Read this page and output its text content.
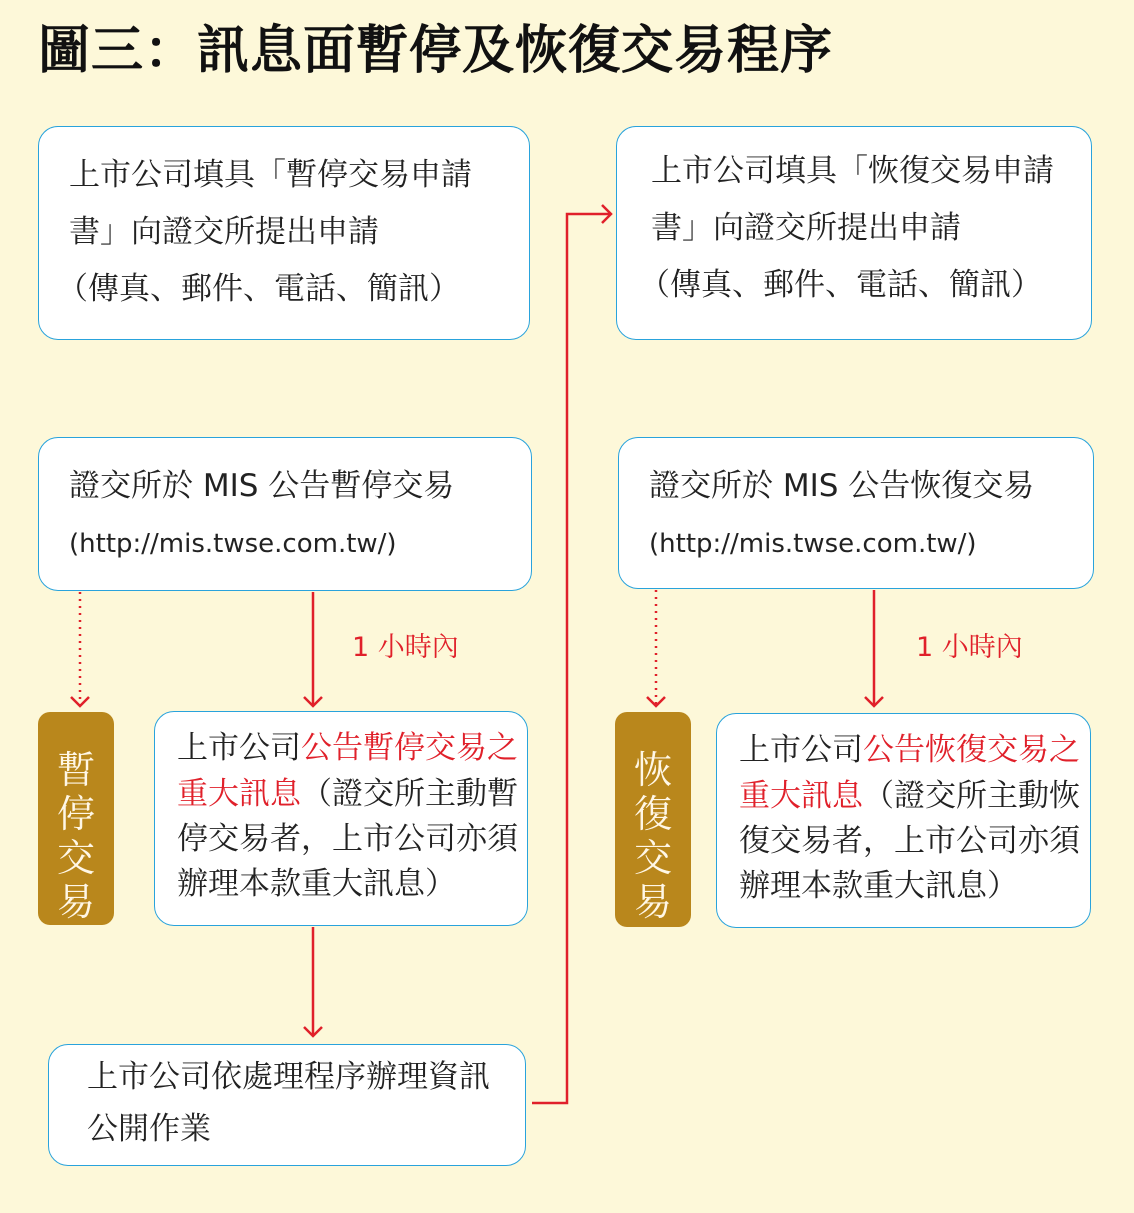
圖三：訊息面暫停及恢復交易程序
上市公司填具「暫停交易申請
書」向證交所提出申請
（傳真、郵件、電話、簡訊）
上市公司填具「恢復交易申請
書」向證交所提出申請
（傳真、郵件、電話、簡訊）
證交所於 MIS 公告暫停交易
(http://mis.twse.com.tw/)
證交所於 MIS 公告恢復交易
(http://mis.twse.com.tw/)
1 小時內	1 小時內
暫
停
交
易
恢
復
交
易
上市公司公告暫停交易之
重大訊息（證交所主動暫
停交易者，上市公司亦須
辦理本款重大訊息）
上市公司公告恢復交易之
重大訊息（證交所主動恢
復交易者，上市公司亦須
辦理本款重大訊息）
上市公司依處理程序辦理資訊
公開作業
